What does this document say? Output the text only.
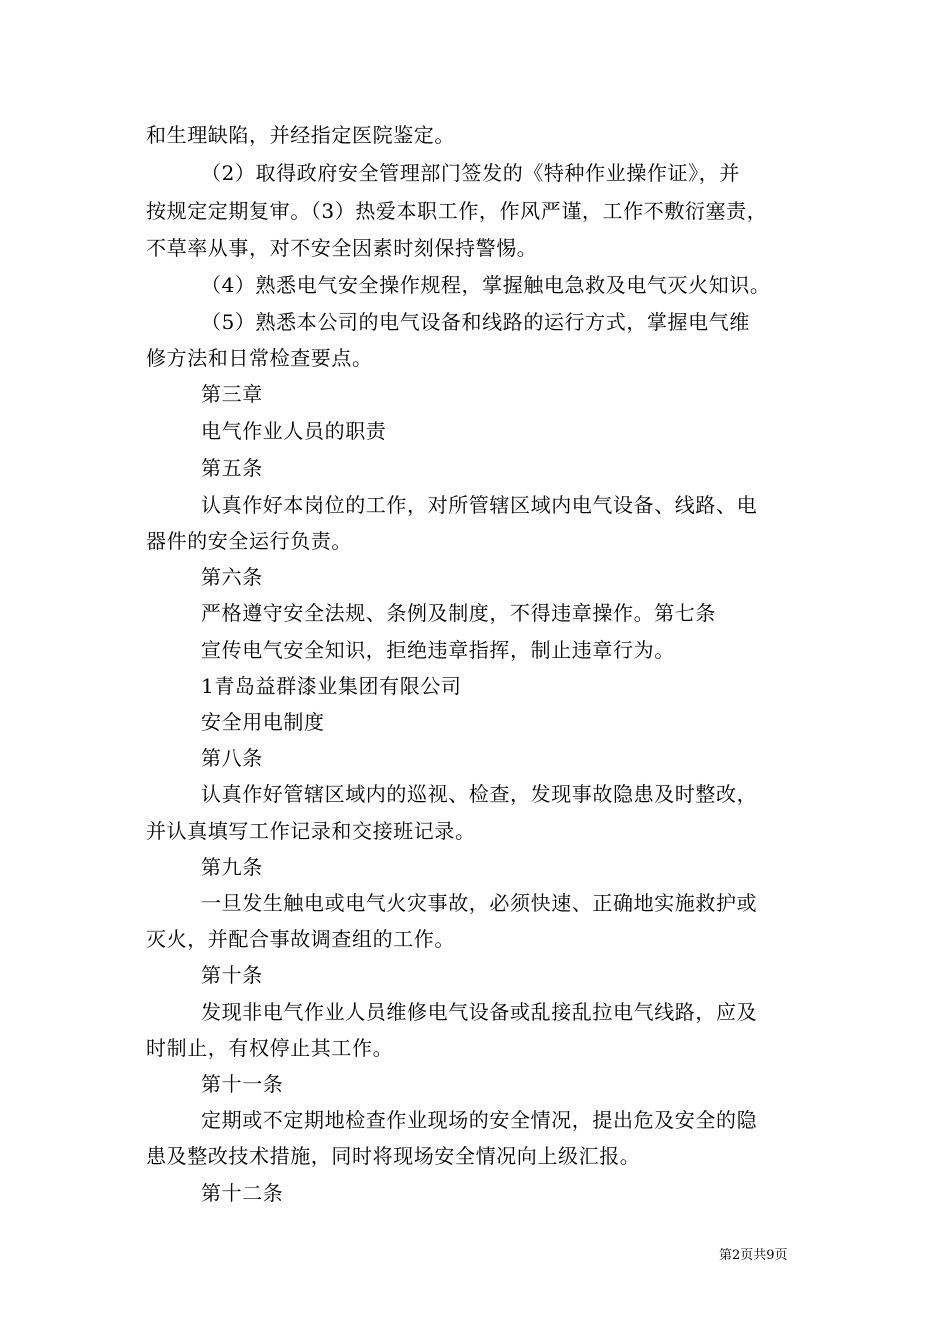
和生理缺陷，并经指定医院鉴定。
（2）取得政府安全管理部门签发的《特种作业操作证》，并
按规定定期复审。（3）热爱本职工作，作风严谨，工作不敷衍塞责，
不草率从事，对不安全因素时刻保持警惕。
（4）熟悉电气安全操作规程，掌握触电急救及电气灭火知识。
（5）熟悉本公司的电气设备和线路的运行方式，掌握电气维
修方法和日常检查要点。
第三章
电气作业人员的职责
第五条
认真作好本岗位的工作，对所管辖区域内电气设备、线路、电
器件的安全运行负责。
第六条
严格遵守安全法规、条例及制度，不得违章操作。第七条
宣传电气安全知识，拒绝违章指挥，制止违章行为。
1青岛益群漆业集团有限公司
安全用电制度
第八条
认真作好管辖区域内的巡视、检查，发现事故隐患及时整改，
并认真填写工作记录和交接班记录。
第九条
一旦发生触电或电气火灾事故，必须快速、正确地实施救护或
灭火，并配合事故调查组的工作。
第十条
发现非电气作业人员维修电气设备或乱接乱拉电气线路，应及
时制止，有权停止其工作。
第十一条
定期或不定期地检查作业现场的安全情况，提出危及安全的隐
患及整改技术措施，同时将现场安全情况向上级汇报。
第十二条
第2页共9页
